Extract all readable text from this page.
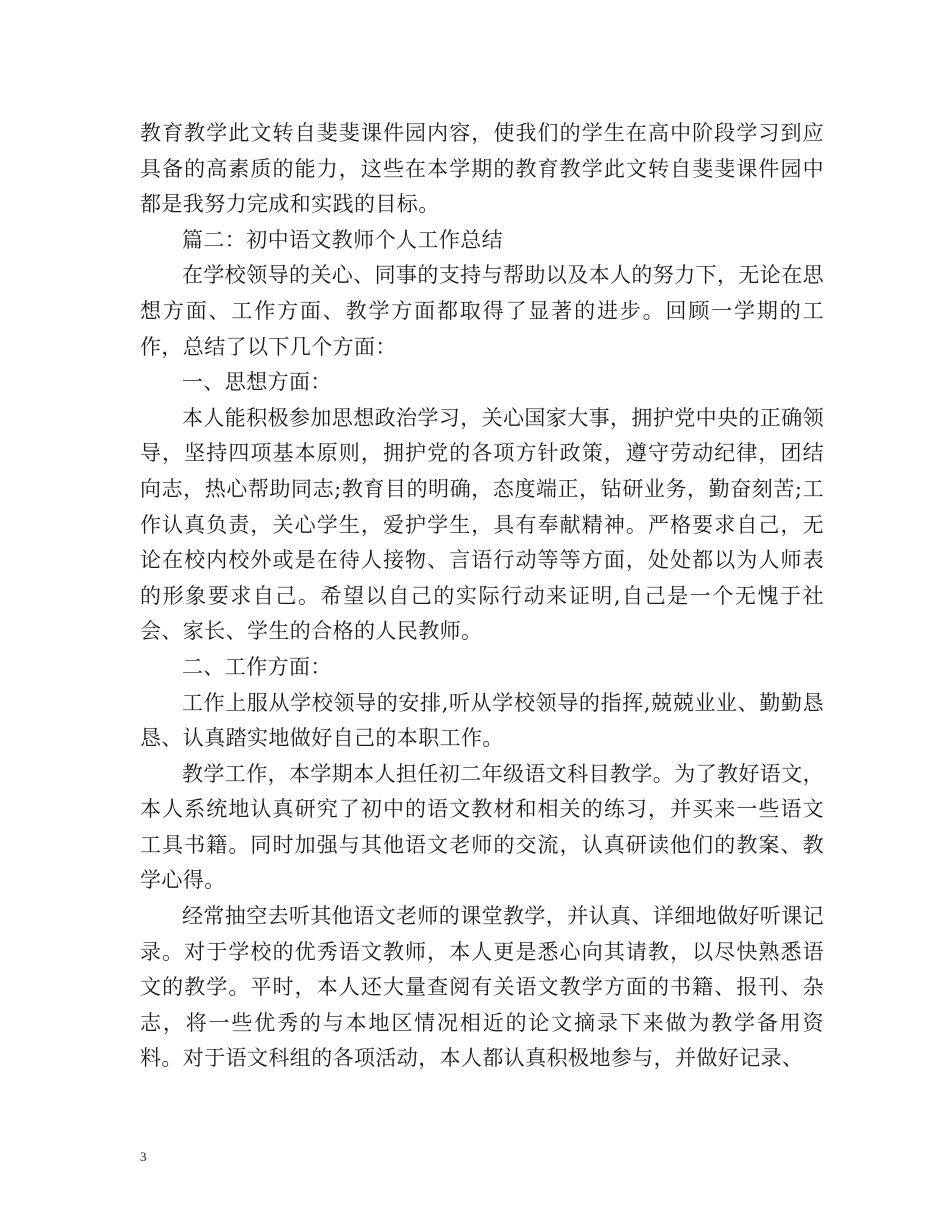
教育教学此文转自斐斐课件园内容，使我们的学生在高中阶段学习到应具备的高素质的能力，这些在本学期的教育教学此文转自斐斐课件园中都是我努力完成和实践的目标。

篇二：初中语文教师个人工作总结

在学校领导的关心、同事的支持与帮助以及本人的努力下，无论在思想方面、工作方面、教学方面都取得了显著的进步。回顾一学期的工作，总结了以下几个方面：

一、思想方面：

本人能积极参加思想政治学习，关心国家大事，拥护党中央的正确领导，坚持四项基本原则，拥护党的各项方针政策，遵守劳动纪律，团结向志，热心帮助同志;教育目的明确，态度端正，钻研业务，勤奋刻苦;工作认真负责，关心学生，爱护学生，具有奉献精神。严格要求自己，无论在校内校外或是在待人接物、言语行动等等方面，处处都以为人师表的形象要求自己。希望以自己的实际行动来证明,自己是一个无愧于社会、家长、学生的合格的人民教师。

二、工作方面：

工作上服从学校领导的安排,听从学校领导的指挥,兢兢业业、勤勤恳恳、认真踏实地做好自己的本职工作。

教学工作，本学期本人担任初二年级语文科目教学。为了教好语文，本人系统地认真研究了初中的语文教材和相关的练习，并买来一些语文工具书籍。同时加强与其他语文老师的交流，认真研读他们的教案、教学心得。

经常抽空去听其他语文老师的课堂教学，并认真、详细地做好听课记录。对于学校的优秀语文教师，本人更是悉心向其请教，以尽快熟悉语文的教学。平时，本人还大量查阅有关语文教学方面的书籍、报刊、杂志，将一些优秀的与本地区情况相近的论文摘录下来做为教学备用资料。对于语文科组的各项活动，本人都认真积极地参与，并做好记录、

3
